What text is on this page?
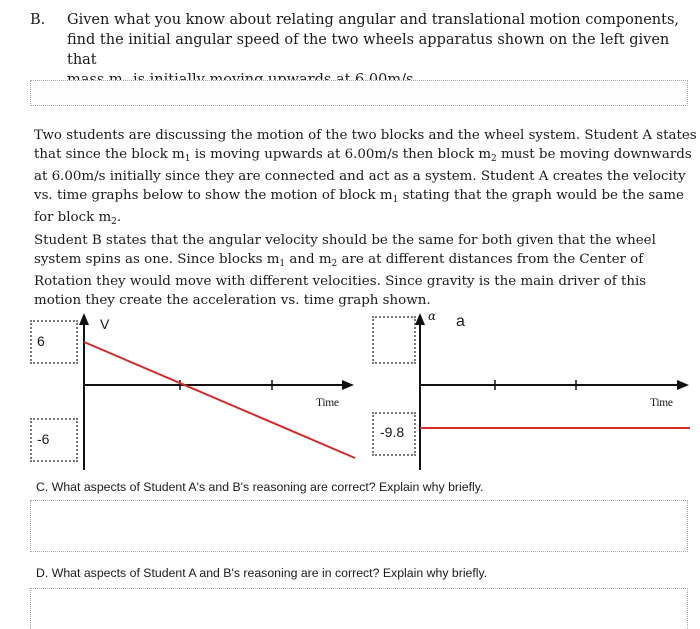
B. Given what you know about relating angular and translational motion components,
find the initial angular speed of the two wheels apparatus shown on the left given that
Two students are discussing the motion of the two blocks and the wheel system. Student A states
that since the block $m_1$ is moving upwards at 6.00m/s then block $m_2$ must be moving downwards
at 6.00m/s initially since they are connected and act as a system. Student A creates the velocity
vs. time graphs below to show the motion of block $m_1$ stating that the graph would be the same
for block $m_2$.
Student B states that the angular velocity should be the same for both given that the wheel
system spins as one. Since blocks $m_1$ and $m_2$ are at different distances from the Center of
Rotation they would move with different velocities. Since gravity is the main driver of this
motion they create the acceleration vs. time graph shown.
6
-6
V
Time
-9.8
α a
Time
C. What aspects of Student A's and B's reasoning are correct? Explain why briefly.
D. What aspects of Student A and B's reasoning are in correct? Explain why briefly.
